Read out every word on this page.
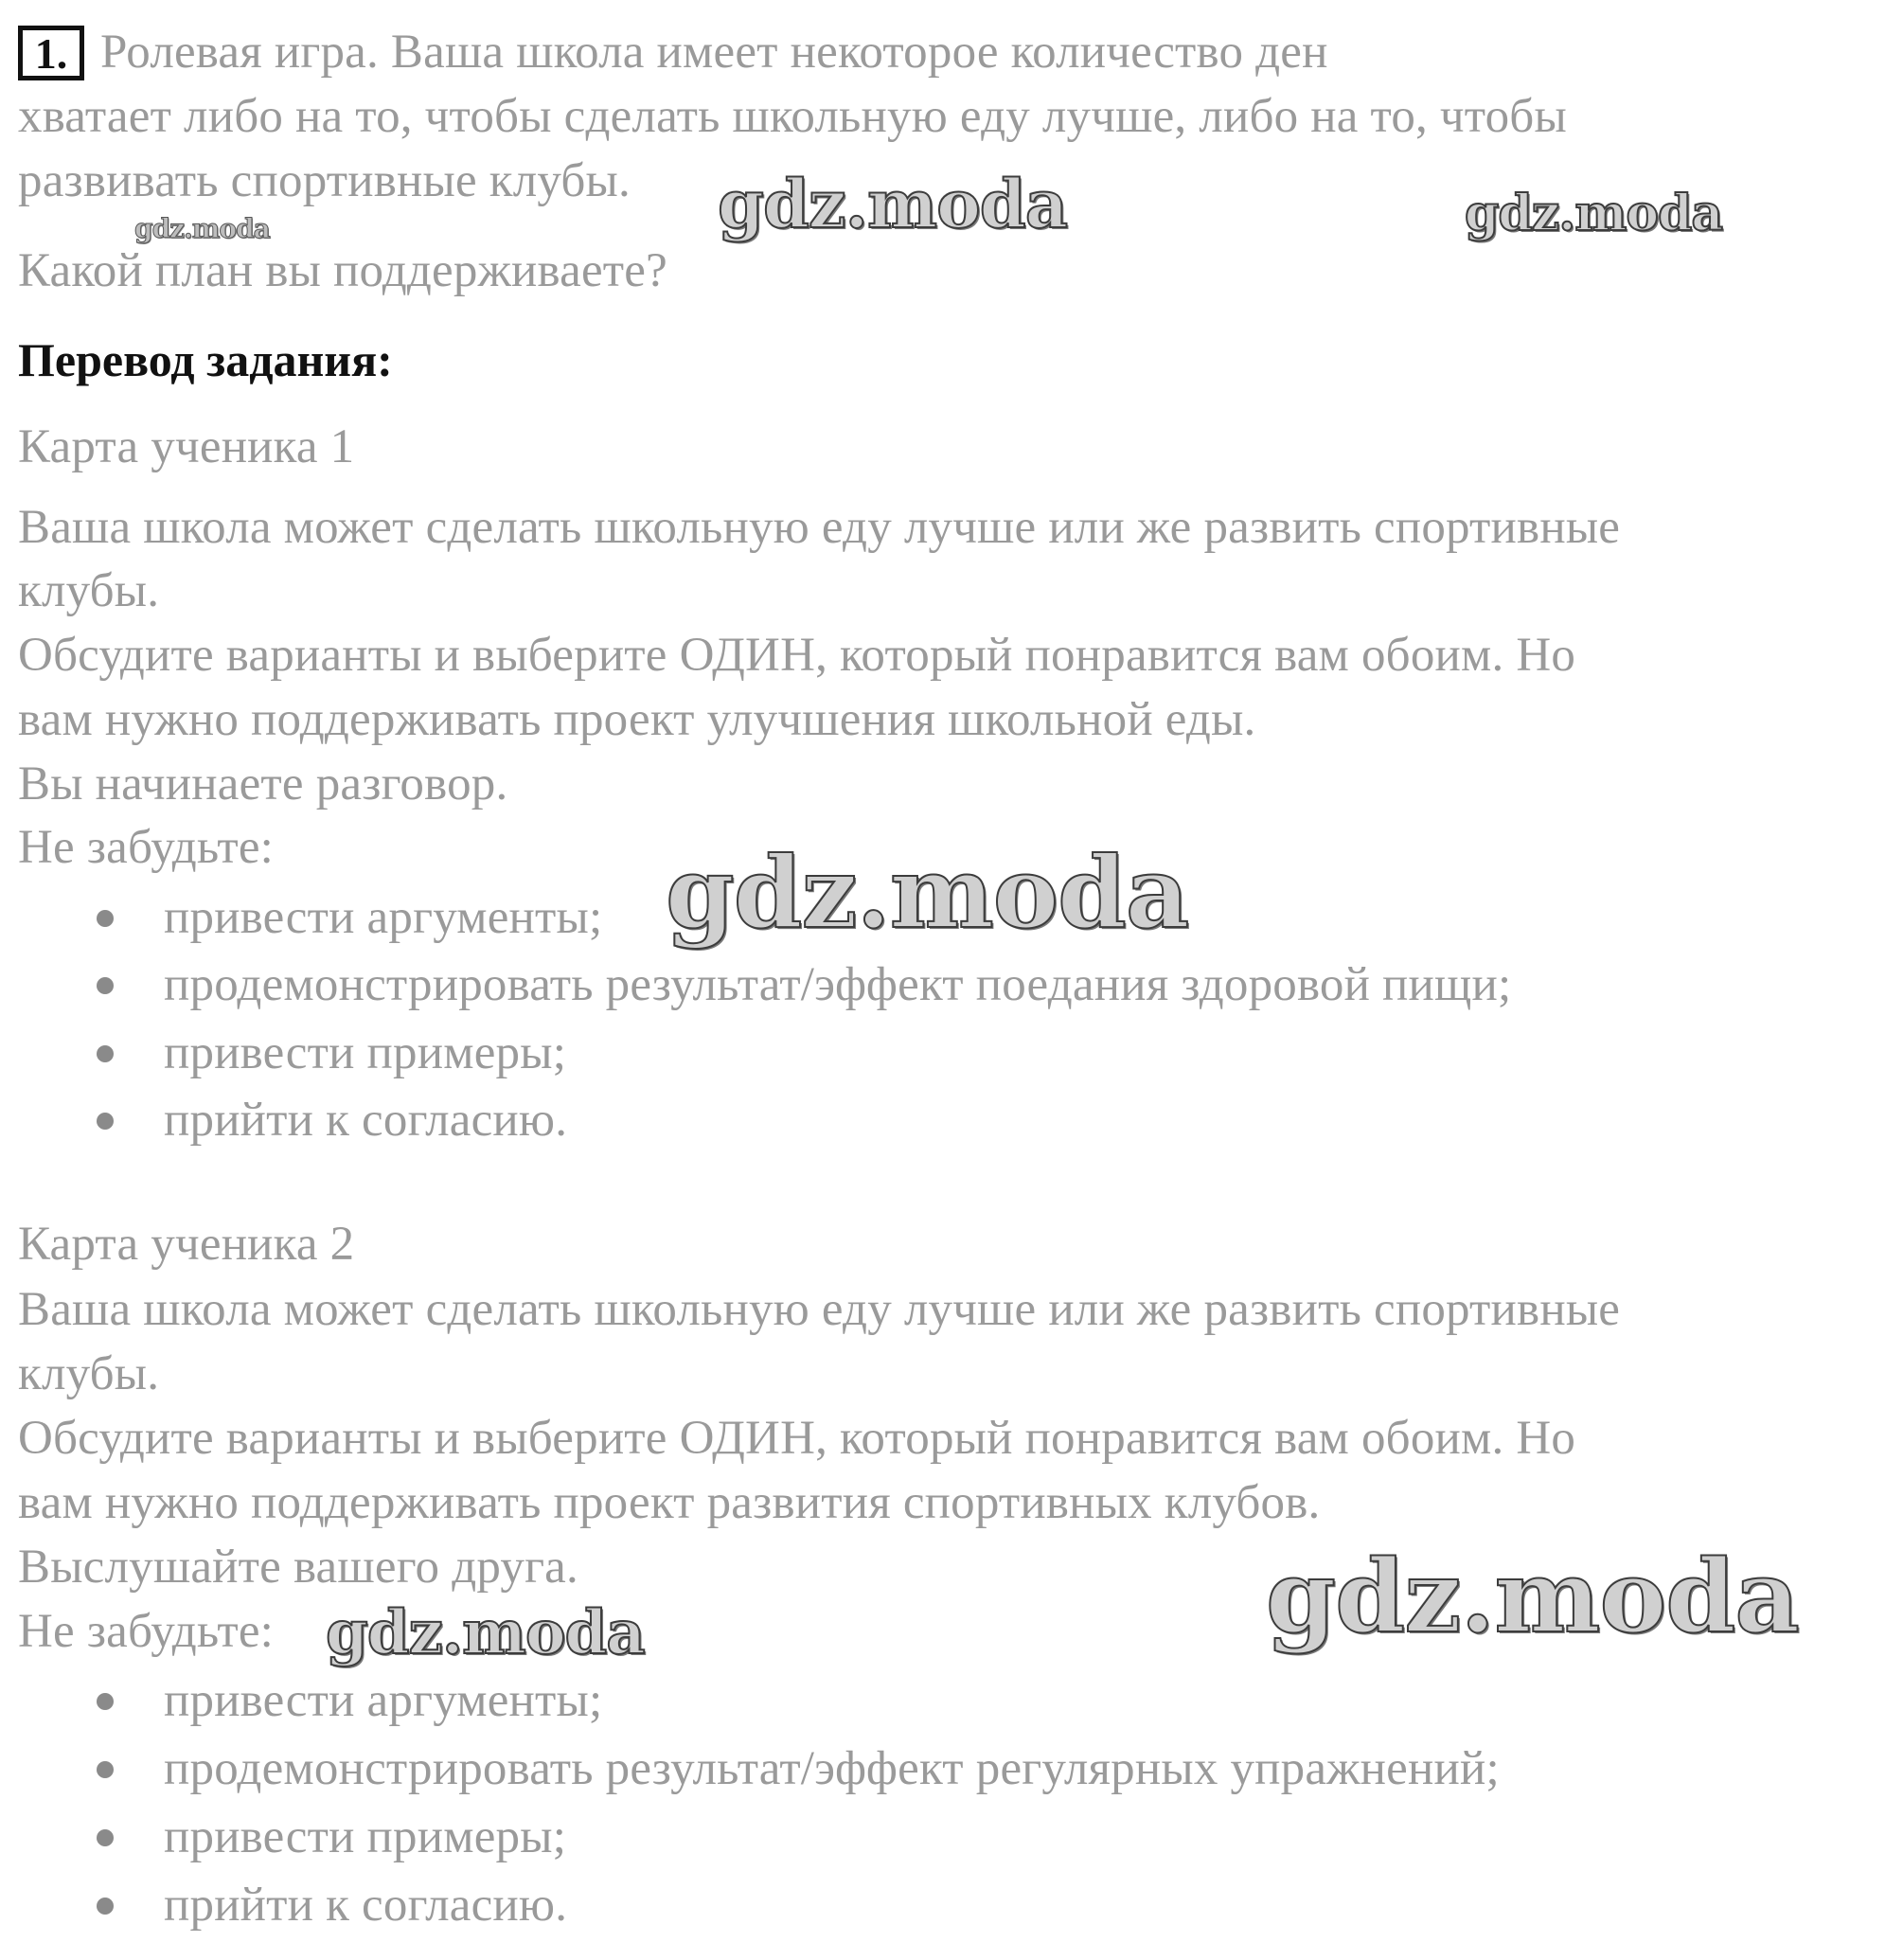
1. Ролевая игра. Ваша школа имеет некоторое количество ден
хватает либо на то, чтобы сделать школьную еду лучше, либо на то, чтобы
развивать спортивные клубы.
Какой план вы поддерживаете?
Перевод задания:
Карта ученика 1
Ваша школа может сделать школьную еду лучше или же развить спортивные
клубы.
Обсудите варианты и выберите ОДИН, который понравится вам обоим. Но
вам нужно поддерживать проект улучшения школьной еды.
Вы начинаете разговор.
Не забудьте:
привести аргументы;
продемонстрировать результат/эффект поедания здоровой пищи;
привести примеры;
прийти к согласию.
Карта ученика 2
Ваша школа может сделать школьную еду лучше или же развить спортивные
клубы.
Обсудите варианты и выберите ОДИН, который понравится вам обоим. Но
вам нужно поддерживать проект развития спортивных клубов.
Выслушайте вашего друга.
Не забудьте:
привести аргументы;
продемонстрировать результат/эффект регулярных упражнений;
привести примеры;
прийти к согласию.
gdz.moda
gdz.moda	gdz.moda
gdz.moda
gdz.moda
gdz.moda
